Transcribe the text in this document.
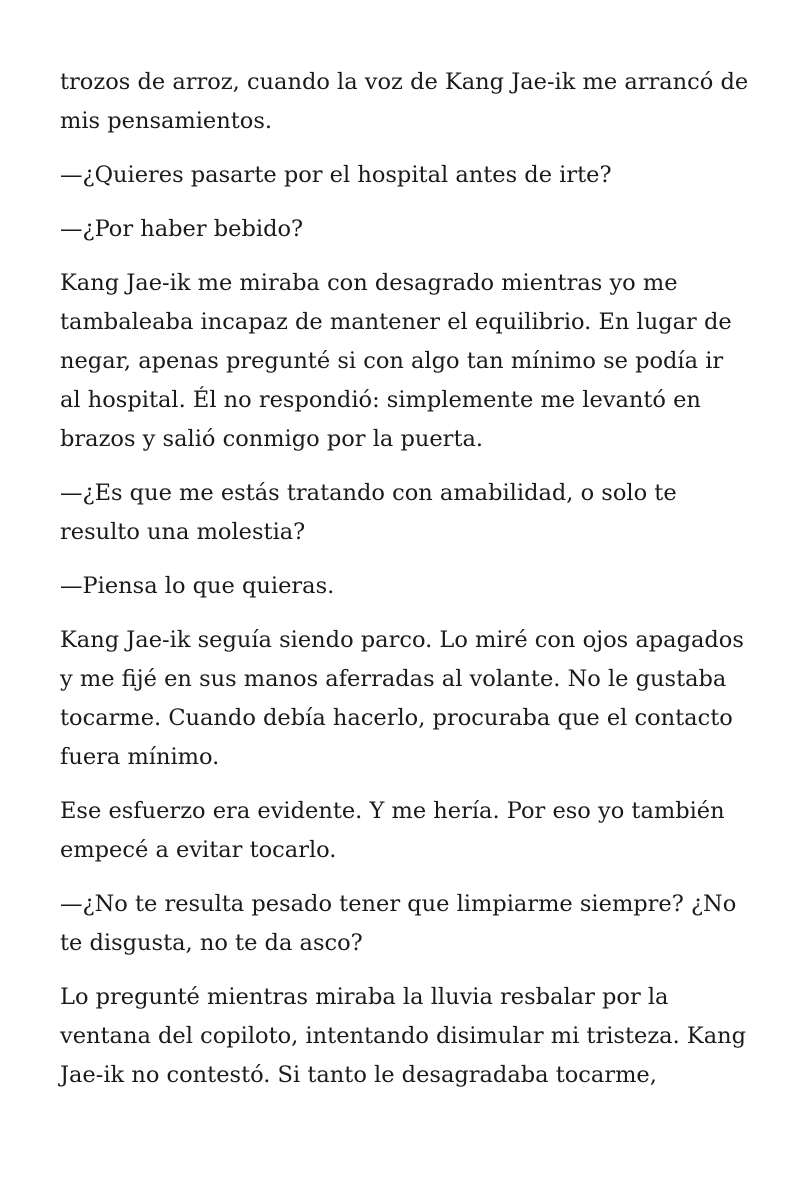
trozos de arroz, cuando la voz de Kang Jae-ik me arrancó de mis pensamientos.

—¿Quieres pasarte por el hospital antes de irte?

—¿Por haber bebido?

Kang Jae-ik me miraba con desagrado mientras yo me tambaleaba incapaz de mantener el equilibrio. En lugar de negar, apenas pregunté si con algo tan mínimo se podía ir al hospital. Él no respondió: simplemente me levantó en brazos y salió conmigo por la puerta.

—¿Es que me estás tratando con amabilidad, o solo te resulto una molestia?

—Piensa lo que quieras.

Kang Jae-ik seguía siendo parco. Lo miré con ojos apagados y me fijé en sus manos aferradas al volante. No le gustaba tocarme. Cuando debía hacerlo, procuraba que el contacto fuera mínimo.

Ese esfuerzo era evidente. Y me hería. Por eso yo también empecé a evitar tocarlo.

—¿No te resulta pesado tener que limpiarme siempre? ¿No te disgusta, no te da asco?

Lo pregunté mientras miraba la lluvia resbalar por la ventana del copiloto, intentando disimular mi tristeza. Kang Jae-ik no contestó. Si tanto le desagradaba tocarme,
